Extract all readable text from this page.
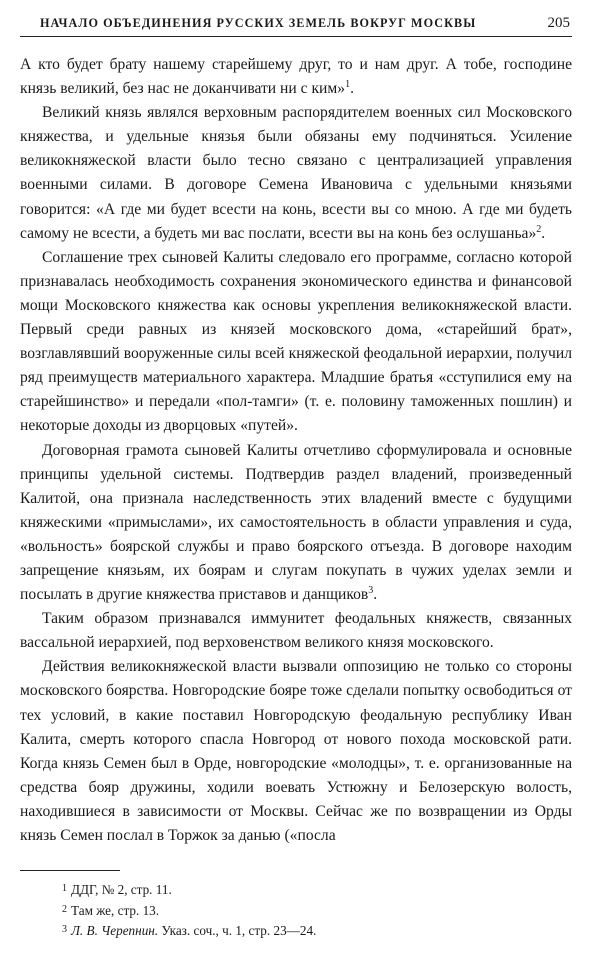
НАЧАЛО ОБЪЕДИНЕНИЯ РУССКИХ ЗЕМЕЛЬ ВОКРУГ МОСКВЫ	205

А кто будет брату нашему старейшему друг, то и нам друг. А тобе, господине князь великий, без нас не доканчивати ни с ким»$^1$.

Великий князь являлся верховным распорядителем военных сил Московского княжества, и удельные князья были обязаны ему подчиняться. Усиление великокняжеской власти было тесно связано с централизацией управления военными силами. В договоре Семена Ивановича с удельными князьями говорится: «А где ми будет всести на конь, всести вы со мною. А где ми будеть самому не всести, а будеть ми вас послати, всести вы на конь без ослушаньа»$^2$.

Соглашение трех сыновей Калиты следовало его программе, согласно которой признавалась необходимость сохранения экономического единства и финансовой мощи Московского княжества как основы укрепления великокняжеской власти. Первый среди равных из князей московского дома, «старейший брат», возглавлявший вооруженные силы всей княжеской феодальной иерархии, получил ряд преимуществ материального характера. Младшие братья «сступилися ему на старейшинство» и передали «пол-тамги» (т. е. половину таможенных пошлин) и некоторые доходы из дворцовых «путей».

Договорная грамота сыновей Калиты отчетливо сформулировала и основные принципы удельной системы. Подтвердив раздел владений, произведенный Калитой, она признала наследственность этих владений вместе с будущими княжескими «примыслами», их самостоятельность в области управления и суда, «вольность» боярской службы и право боярского отъезда. В договоре находим запрещение князьям, их боярам и слугам покупать в чужих уделах земли и посылать в другие княжества приставов и данщиков$^3$.

Таким образом признавался иммунитет феодальных княжеств, связанных вассальной иерархией, под верховенством великого князя московского.

Действия великокняжеской власти вызвали оппозицию не только со стороны московского боярства. Новгородские бояре тоже сделали попытку освободиться от тех условий, в какие поставил Новгородскую феодальную республику Иван Калита, смерть которого спасла Новгород от нового похода московской рати. Когда князь Семен был в Орде, новгородские «молодцы», т. е. организованные на средства бояр дружины, ходили воевать Устюжну и Белозерскую волость, находившиеся в зависимости от Москвы. Сейчас же по возвращении из Орды князь Семен послал в Торжок за данью («посла

$^1$ ДДГ, № 2, стр. 11.
$^2$ Там же, стр. 13.
$^3$ Л. В. Черепнин. Указ. соч., ч. 1, стр. 23—24.
